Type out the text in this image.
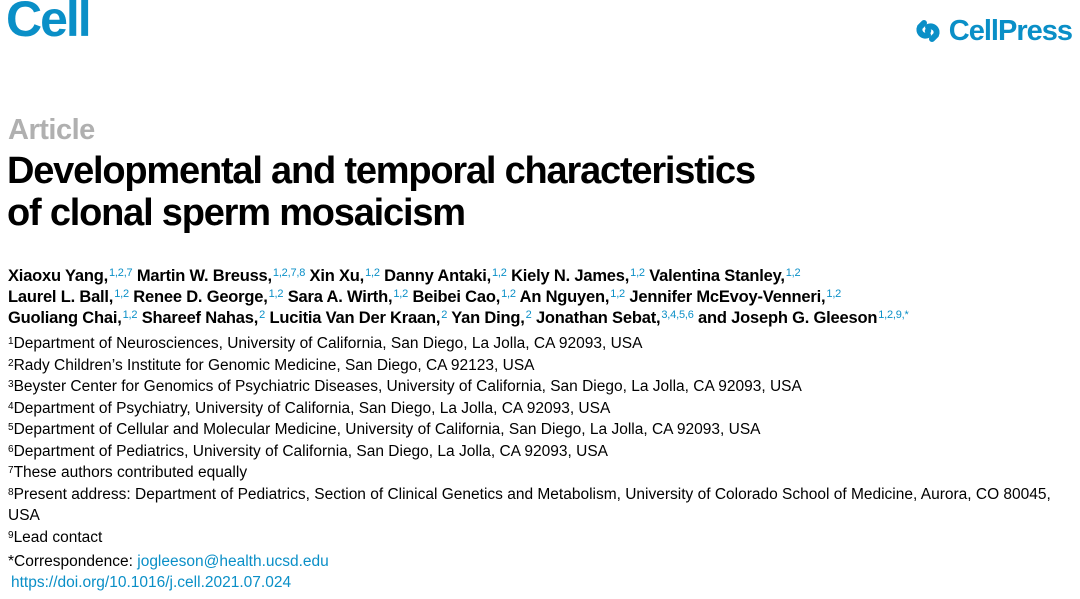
Cell	CellPress
Article
Developmental and temporal characteristics
of clonal sperm mosaicism

Xiaoxu Yang,$^{1,2,7}$ Martin W. Breuss,$^{1,2,7,8}$ Xin Xu,$^{1,2}$ Danny Antaki,$^{1,2}$ Kiely N. James,$^{1,2}$ Valentina Stanley,$^{1,2}$
Laurel L. Ball,$^{1,2}$ Renee D. George,$^{1,2}$ Sara A. Wirth,$^{1,2}$ Beibei Cao,$^{1,2}$ An Nguyen,$^{1,2}$ Jennifer McEvoy-Venneri,$^{1,2}$
Guoliang Chai,$^{1,2}$ Shareef Nahas,$^2$ Lucitia Van Der Kraan,$^2$ Yan Ding,$^2$ Jonathan Sebat,$^{3,4,5,6}$ and Joseph G. Gleeson$^{1,2,9,*}$

$^1$Department of Neurosciences, University of California, San Diego, La Jolla, CA 92093, USA
$^2$Rady Children’s Institute for Genomic Medicine, San Diego, CA 92123, USA
$^3$Beyster Center for Genomics of Psychiatric Diseases, University of California, San Diego, La Jolla, CA 92093, USA
$^4$Department of Psychiatry, University of California, San Diego, La Jolla, CA 92093, USA
$^5$Department of Cellular and Molecular Medicine, University of California, San Diego, La Jolla, CA 92093, USA
$^6$Department of Pediatrics, University of California, San Diego, La Jolla, CA 92093, USA
$^7$These authors contributed equally
$^8$Present address: Department of Pediatrics, Section of Clinical Genetics and Metabolism, University of Colorado School of Medicine, Aurora, CO 80045, USA
$^9$Lead contact
*Correspondence: jogleeson@health.ucsd.edu
https://doi.org/10.1016/j.cell.2021.07.024
